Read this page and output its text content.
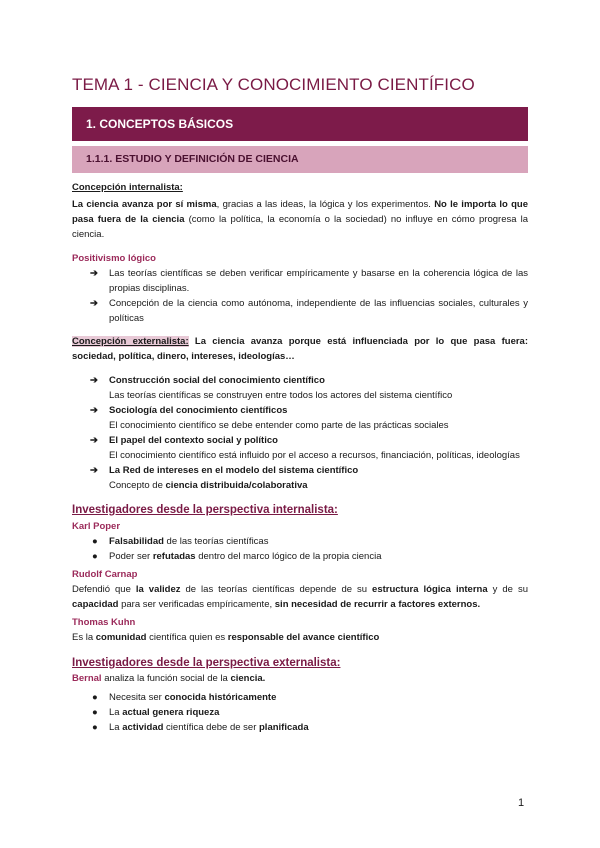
TEMA 1 - CIENCIA Y CONOCIMIENTO CIENTÍFICO
1. CONCEPTOS BÁSICOS
1.1.1. ESTUDIO Y DEFINICIÓN DE CIENCIA
Concepción internalista:
La ciencia avanza por sí misma, gracias a las ideas, la lógica y los experimentos. No le importa lo que pasa fuera de la ciencia (como la política, la economía o la sociedad) no influye en cómo progresa la ciencia.
Positivismo lógico
➔ Las teorías científicas se deben verificar empíricamente y basarse en la coherencia lógica de las propias disciplinas.
➔ Concepción de la ciencia como autónoma, independiente de las influencias sociales, culturales y políticas
Concepción externalista: La ciencia avanza porque está influenciada por lo que pasa fuera: sociedad, política, dinero, intereses, ideologías…
➔ Construcción social del conocimiento científico
Las teorías científicas se construyen entre todos los actores del sistema científico
➔ Sociología del conocimiento científicos
El conocimiento científico se debe entender como parte de las prácticas sociales
➔ El papel del contexto social y político
El conocimiento científico está influido por el acceso a recursos, financiación, políticas, ideologías
➔ La Red de intereses en el modelo del sistema científico
Concepto de ciencia distribuida/colaborativa
Investigadores desde la perspectiva internalista:
Karl Poper
● Falsabilidad de las teorías científicas
● Poder ser refutadas dentro del marco lógico de la propia ciencia
Rudolf Carnap
Defendió que la validez de las teorías científicas depende de su estructura lógica interna y de su capacidad para ser verificadas empíricamente, sin necesidad de recurrir a factores externos.
Thomas Kuhn
Es la comunidad científica quien es responsable del avance científico
Investigadores desde la perspectiva externalista:
Bernal analiza la función social de la ciencia.
● Necesita ser conocida históricamente
● La actual genera riqueza
● La actividad científica debe de ser planificada
1
